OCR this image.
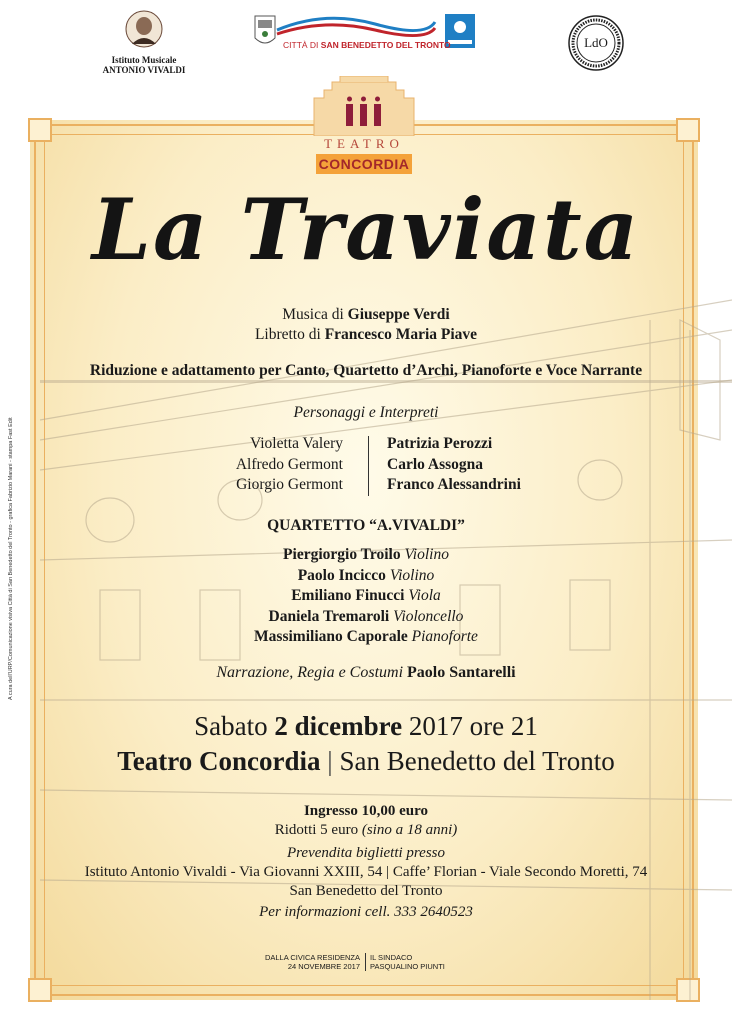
A cura dell'URP/Comunicazione visiva Città di San Benedetto del Tronto - grafica Fabrizio Marani - stampa Fast Edit
Istituto Musicale
ANTONIO VIVALDI
CITTÀ DI SAN BENEDETTO DEL TRONTO	LdO
TEATRO
CONCORDIA
La Traviata
Musica di Giuseppe Verdi
Libretto di Francesco Maria Piave
Riduzione e adattamento per Canto, Quartetto d’Archi, Pianoforte e Voce Narrante
Personaggi e Interpreti
Violetta Valery
Alfredo Germont
Giorgio Germont
Patrizia Perozzi
Carlo Assogna
Franco Alessandrini
QUARTETTO “A.VIVALDI”
Piergiorgio Troilo Violino
Paolo Incicco Violino
Emiliano Finucci Viola
Daniela Tremaroli Violoncello
Massimiliano Caporale Pianoforte
Narrazione, Regia e Costumi Paolo Santarelli
Sabato 2 dicembre 2017 ore 21
Teatro Concordia | San Benedetto del Tronto
Ingresso 10,00 euro
Ridotti 5 euro (sino a 18 anni)
Prevendita biglietti presso
Istituto Antonio Vivaldi - Via Giovanni XXIII, 54 | Caffe’ Florian - Viale Secondo Moretti, 74
San Benedetto del Tronto
Per informazioni cell. 333 2640523
DALLA CIVICA RESIDENZA
24 NOVEMBRE 2017
IL SINDACO
PASQUALINO PIUNTI
